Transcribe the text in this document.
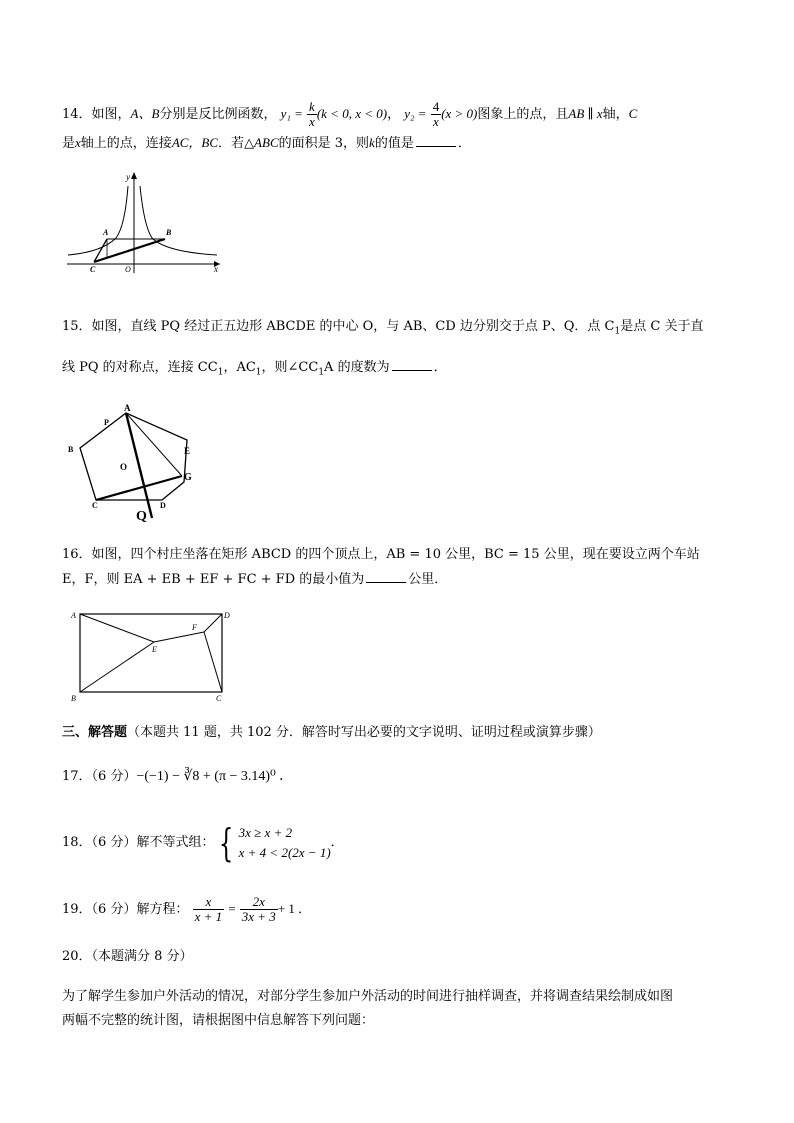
14．如图，A、B分别是反比例函数， $y_1 = \frac{k}{x} (k < 0$, x < 0)， $y_2 = \frac{4}{x} (x > 0)$图象上的点，且AB ∥ x轴，C
是x轴上的点，连接AC，BC．若△ABC的面积是 3，则k的值是	．
y
x
A	B
C	O
15．如图，直线 PQ 经过正五边形 ABCDE 的中心 O，与 AB、CD 边分别交于点 P、Q．点 $C_1$是点 C 关于直
线 PQ 的对称点，连接 $CC_1$，$AC_1$，则$\angle CC_1A$ 的度数为	．
A
P
B
O
E
G
C	D
Q
16．如图，四个村庄坐落在矩形 ABCD 的四个顶点上，AB = 10 公里，BC = 15 公里，现在要设立两个车站
E，F，则 EA + EB + EF + FC + FD 的最小值为	公里．
A	D
F
E
B	C
三、解答题（本题共 11 题，共 102 分．解答时写出必要的文字说明、证明过程或演算步骤）
17．（6 分）−(−1) − ∛8 + (π − 3.14)⁰ ．
18．（6 分）解不等式组： { 3x ≥ x + 2
x + 4 < 2(2x − 1)
．
19．（6 分）解方程： $\frac{x}{x + 1} = \frac{2x}{3x + 3} + 1$ ．
20．（本题满分 8 分）
为了解学生参加户外活动的情况，对部分学生参加户外活动的时间进行抽样调查，并将调查结果绘制成如图
两幅不完整的统计图，请根据图中信息解答下列问题：
